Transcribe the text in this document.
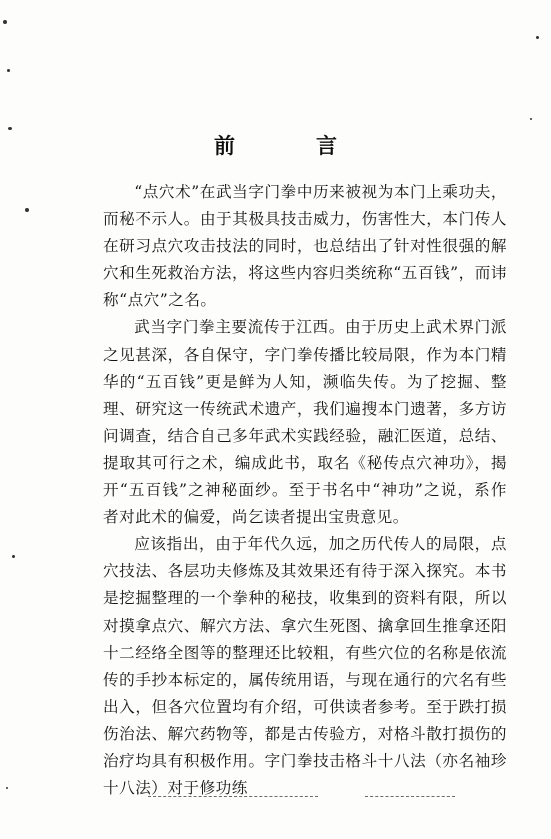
前　言

“点穴术”在武当字门拳中历来被视为本门上乘功夫，而秘不示人。由于其极具技击威力，伤害性大，本门传人在研习点穴攻击技法的同时，也总结出了针对性很强的解穴和生死救治方法，将这些内容归类统称“五百钱”，而讳称“点穴”之名。

武当字门拳主要流传于江西。由于历史上武术界门派之见甚深，各自保守，字门拳传播比较局限，作为本门精华的“五百钱”更是鲜为人知，濒临失传。为了挖掘、整理、研究这一传统武术遗产，我们遍搜本门遗著，多方访问调查，结合自己多年武术实践经验，融汇医道，总结、提取其可行之术，编成此书，取名《秘传点穴神功》，揭开“五百钱”之神秘面纱。至于书名中“神功”之说，系作者对此术的偏爱，尚乞读者提出宝贵意见。

应该指出，由于年代久远，加之历代传人的局限，点穴技法、各层功夫修炼及其效果还有待于深入探究。本书是挖掘整理的一个拳种的秘技，收集到的资料有限，所以对摸拿点穴、解穴方法、拿穴生死图、擒拿回生推拿还阳十二经络全图等的整理还比较粗，有些穴位的名称是依流传的手抄本标定的，属传统用语，与现在通行的穴名有些出入，但各穴位置均有介绍，可供读者参考。至于跌打损伤治法、解穴药物等，都是古传验方，对格斗散打损伤的治疗均具有积极作用。字门拳技击格斗十八法（亦名袖珍十八法）对于修功练
